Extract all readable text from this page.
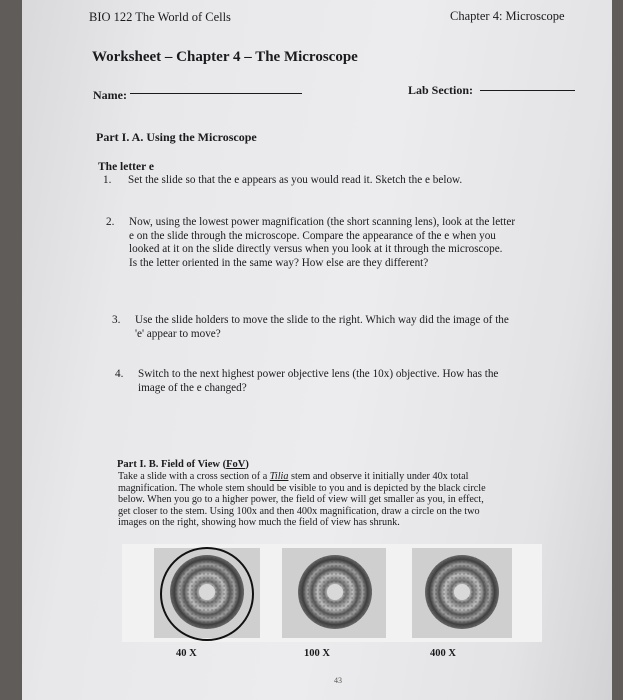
BIO 122 The World of Cells	Chapter 4: Microscope
Worksheet – Chapter 4 – The Microscope
Name:	Lab Section:
Part I. A. Using the Microscope
The letter e
1. Set the slide so that the e appears as you would read it. Sketch the e below.
2. Now, using the lowest power magnification (the short scanning lens), look at the letter
e on the slide through the microscope. Compare the appearance of the e when you
looked at it on the slide directly versus when you look at it through the microscope.
Is the letter oriented in the same way? How else are they different?
3. Use the slide holders to move the slide to the right. Which way did the image of the
'e' appear to move?
4. Switch to the next highest power objective lens (the 10x) objective. How has the
image of the e changed?
Part I. B. Field of View (FoV)
Take a slide with a cross section of a Tilia stem and observe it initially under 40x total
magnification. The whole stem should be visible to you and is depicted by the black circle
below. When you go to a higher power, the field of view will get smaller as you, in effect,
get closer to the stem. Using 100x and then 400x magnification, draw a circle on the two
images on the right, showing how much the field of view has shrunk.
40 X	100 X	400 X
43
